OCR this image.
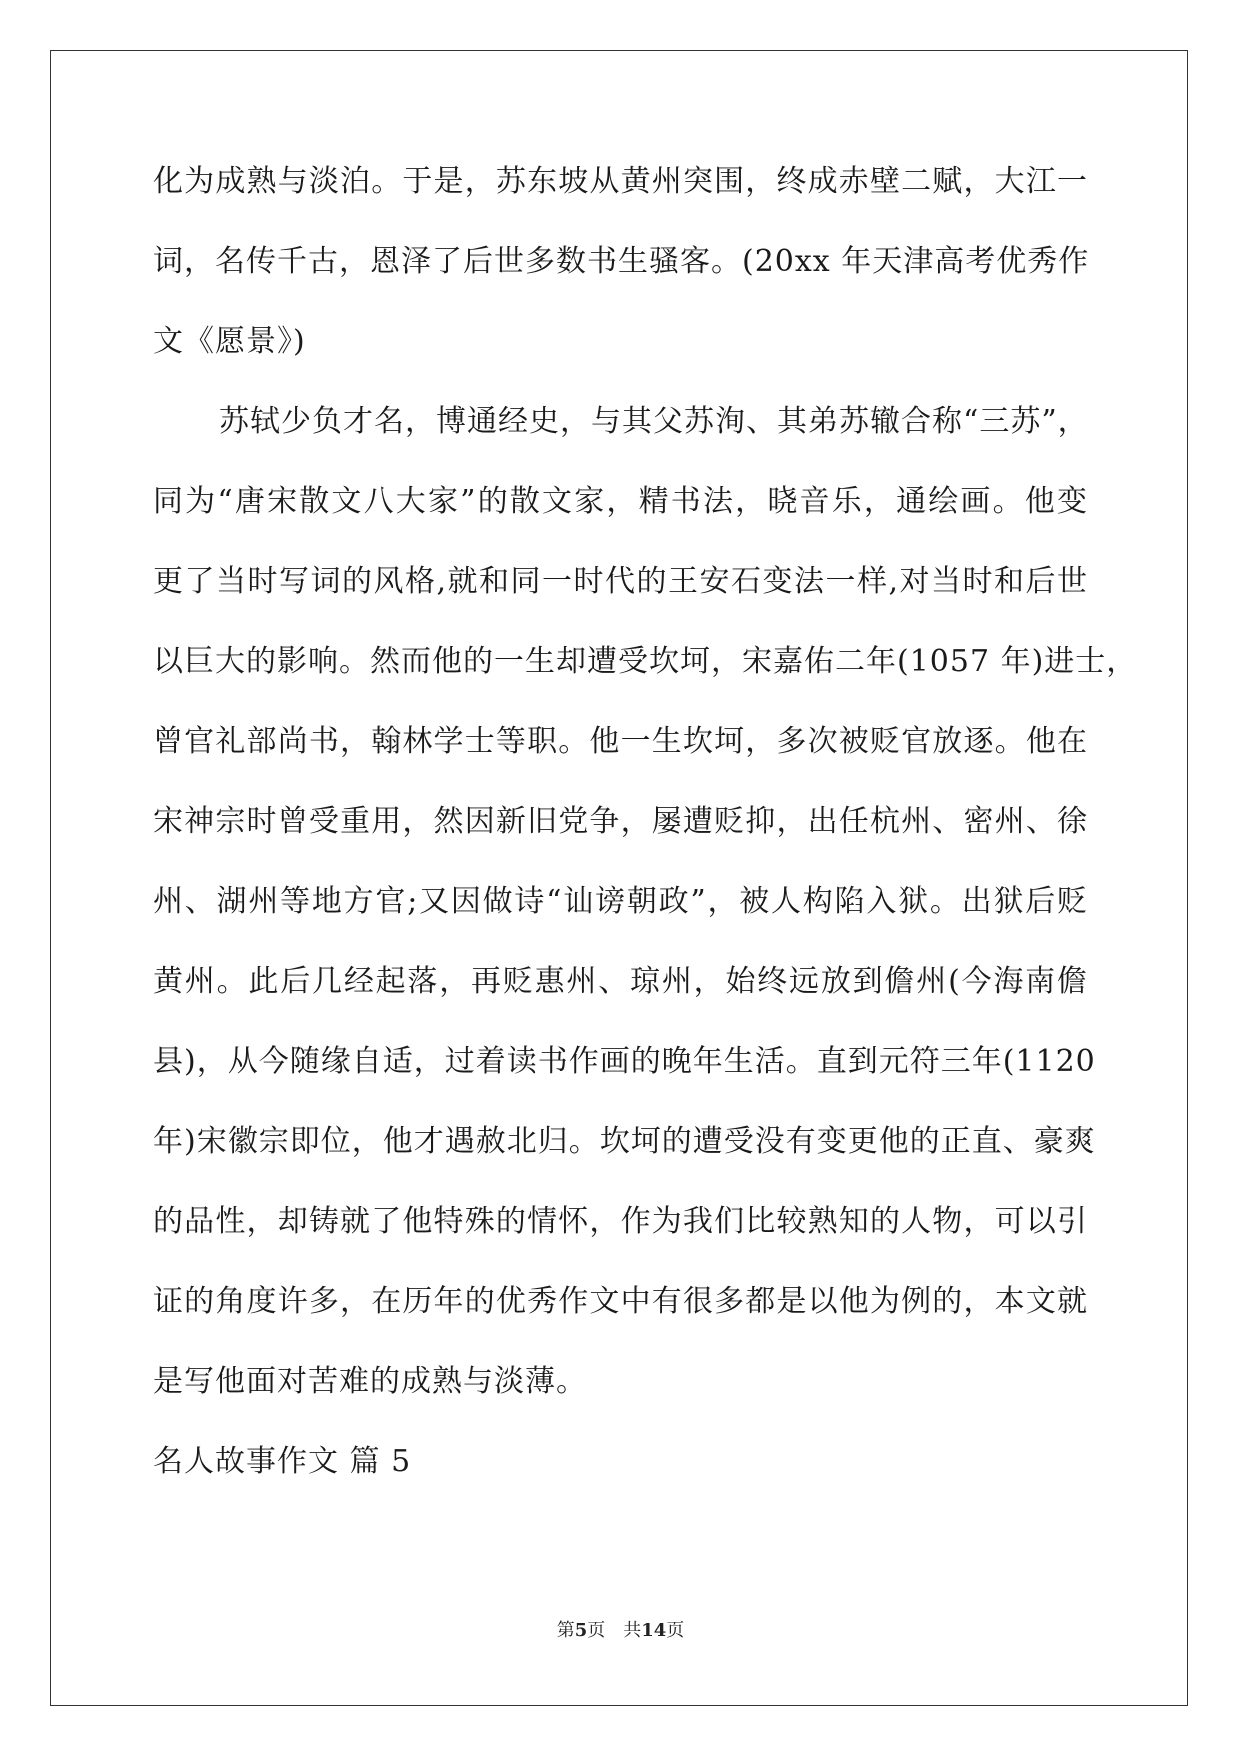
化为成熟与淡泊。于是，苏东坡从黄州突围，终成赤壁二赋，大江一
词，名传千古，恩泽了后世多数书生骚客。(20xx 年天津高考优秀作
文《愿景》)
苏轼少负才名，博通经史，与其父苏洵、其弟苏辙合称“三苏”，
同为“唐宋散文八大家”的散文家，精书法，晓音乐，通绘画。他变
更了当时写词的风格,就和同一时代的王安石变法一样,对当时和后世
以巨大的影响。然而他的一生却遭受坎坷，宋嘉佑二年(1057 年)进士，
曾官礼部尚书，翰林学士等职。他一生坎坷，多次被贬官放逐。他在
宋神宗时曾受重用，然因新旧党争，屡遭贬抑，出任杭州、密州、徐
州、湖州等地方官;又因做诗“讪谤朝政”，被人构陷入狱。出狱后贬
黄州。此后几经起落，再贬惠州、琼州，始终远放到儋州(今海南儋
县)，从今随缘自适，过着读书作画的晚年生活。直到元符三年(1120
年)宋徽宗即位，他才遇赦北归。坎坷的遭受没有变更他的正直、豪爽
的品性，却铸就了他特殊的情怀，作为我们比较熟知的人物，可以引
证的角度许多，在历年的优秀作文中有很多都是以他为例的，本文就
是写他面对苦难的成熟与淡薄。
名人故事作文 篇 5
第5页　共14页
